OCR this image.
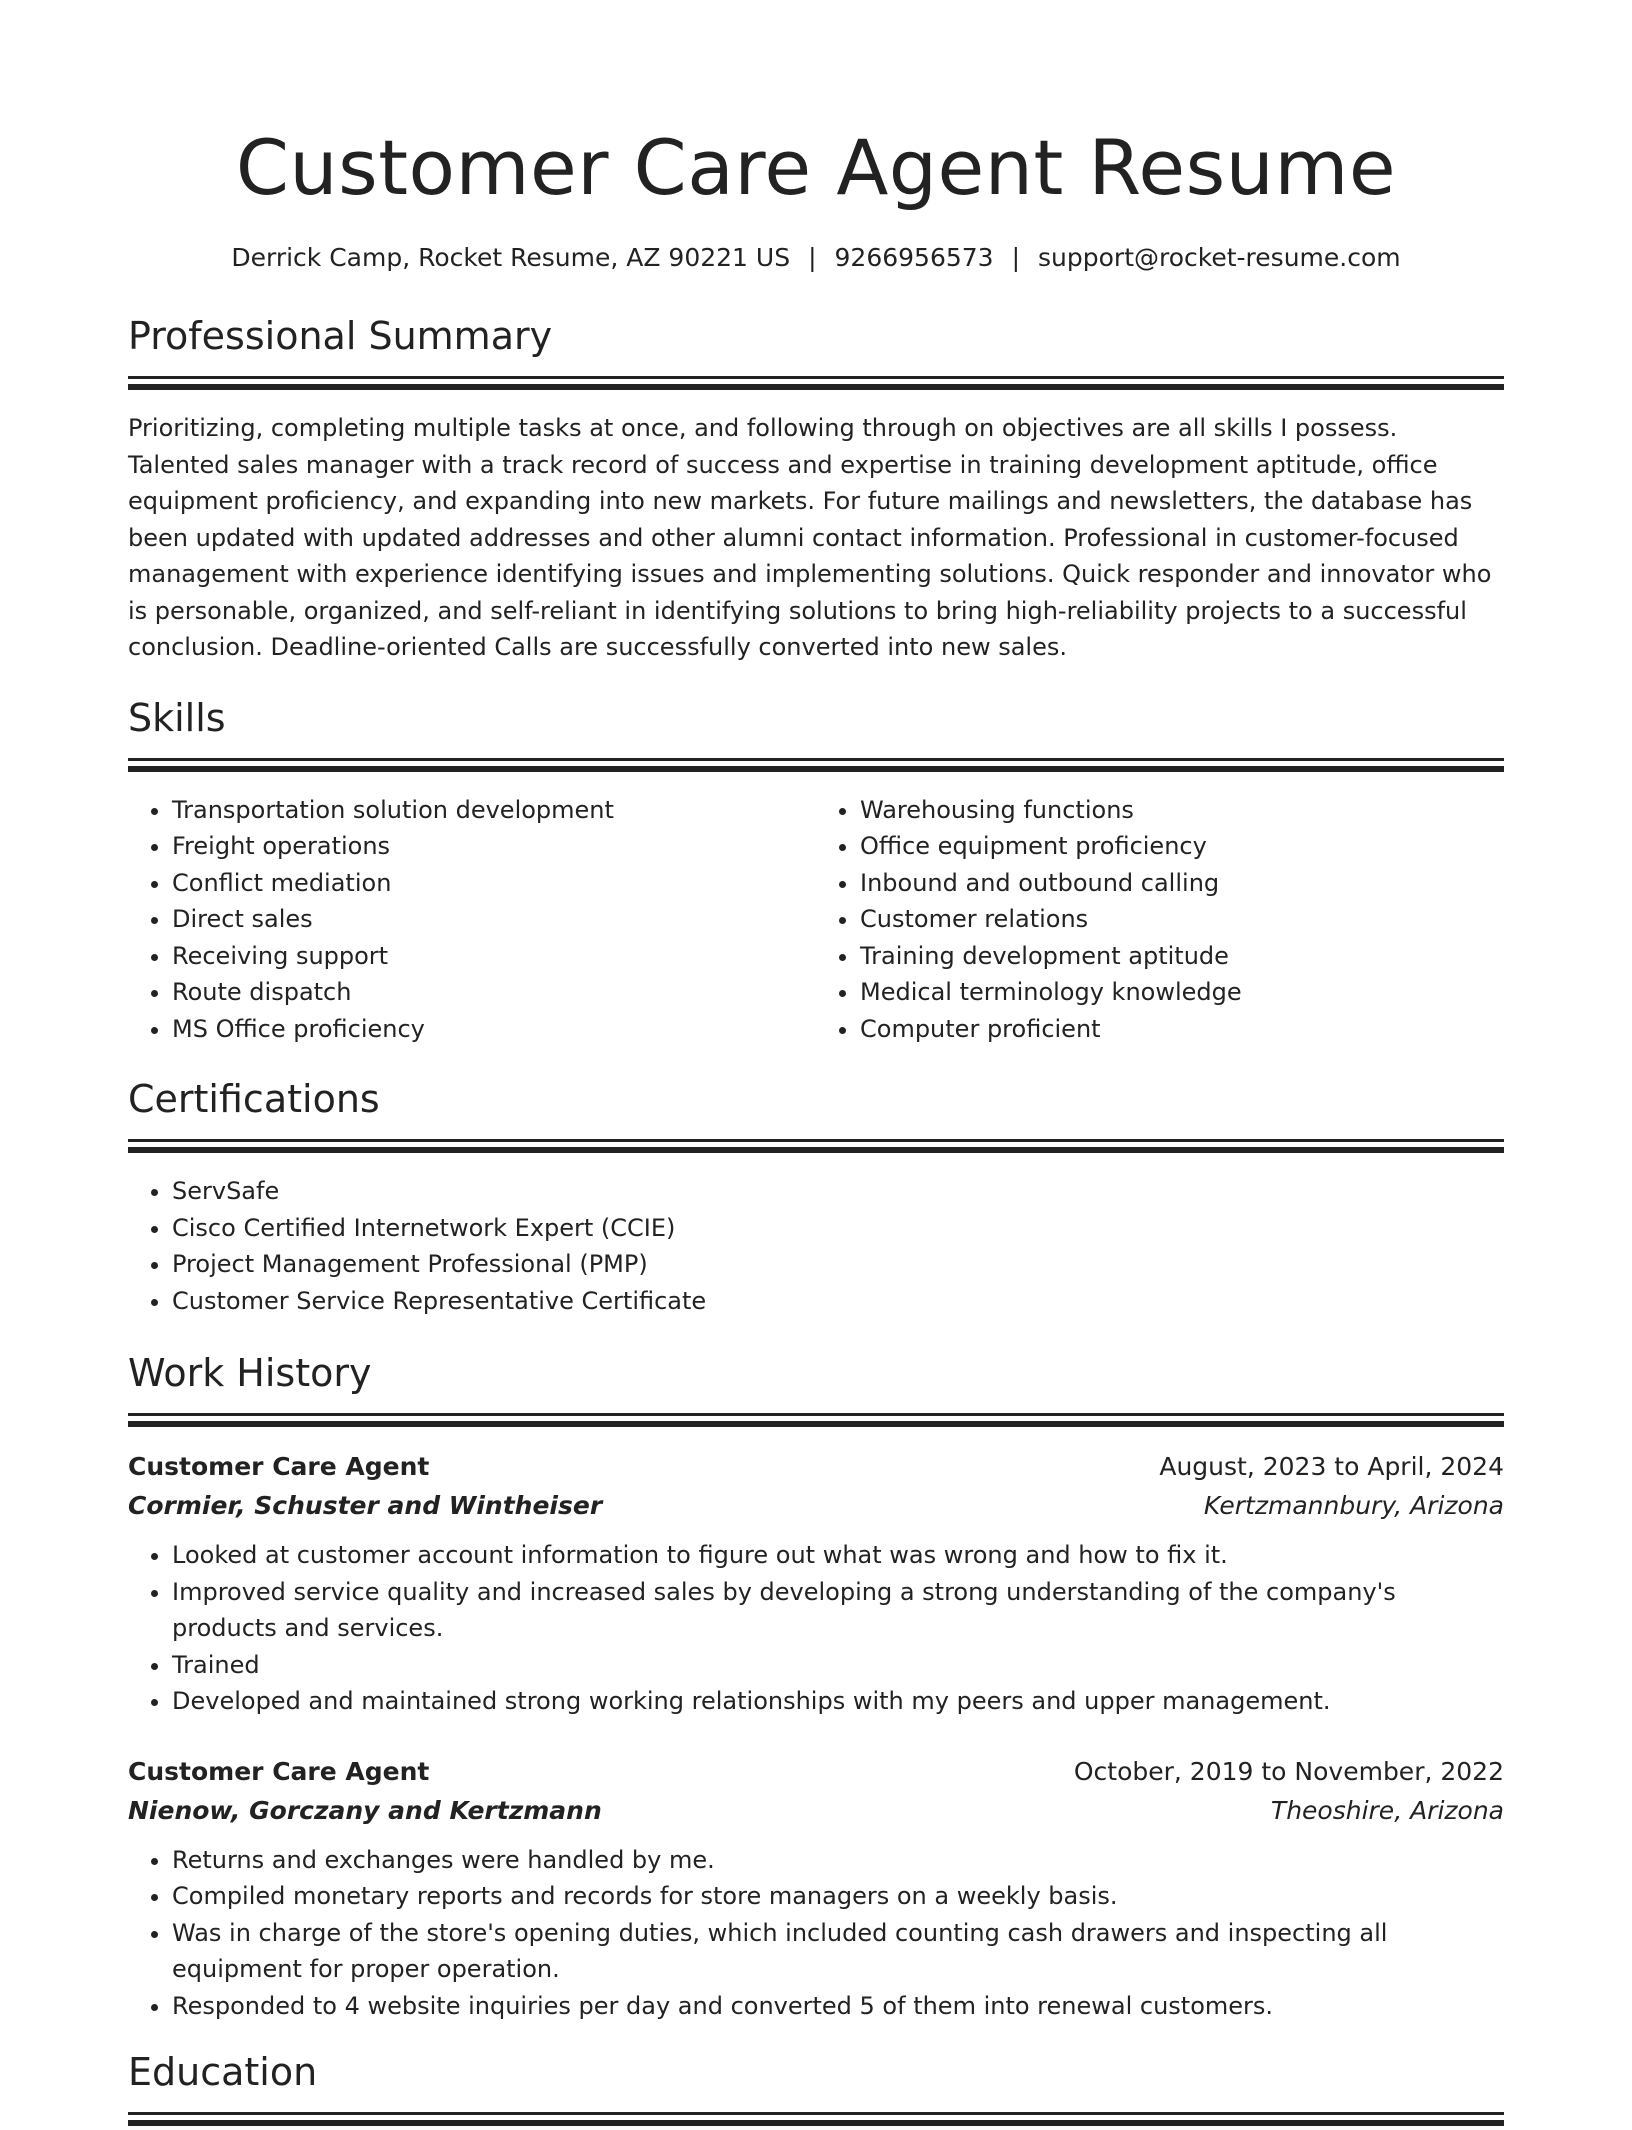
Customer Care Agent Resume
Derrick Camp, Rocket Resume, AZ 90221 US | 9266956573 | support@rocket-resume.com
Professional Summary

Prioritizing, completing multiple tasks at once, and following through on objectives are all skills I possess. Talented sales manager with a track record of success and expertise in training development aptitude, office equipment proficiency, and expanding into new markets. For future mailings and newsletters, the database has been updated with updated addresses and other alumni contact information. Professional in customer-focused management with experience identifying issues and implementing solutions. Quick responder and innovator who is personable, organized, and self-reliant in identifying solutions to bring high-reliability projects to a successful conclusion. Deadline-oriented Calls are successfully converted into new sales.

Skills
• Transportation solution development
• Freight operations
• Conflict mediation
• Direct sales
• Receiving support
• Route dispatch
• MS Office proficiency
• Warehousing functions
• Office equipment proficiency
• Inbound and outbound calling
• Customer relations
• Training development aptitude
• Medical terminology knowledge
• Computer proficient
Certifications
• ServSafe
• Cisco Certified Internetwork Expert (CCIE)
• Project Management Professional (PMP)
• Customer Service Representative Certificate
Work History
Customer Care Agent	August, 2023 to April, 2024
Cormier, Schuster and Wintheiser	Kertzmannbury, Arizona
• Looked at customer account information to figure out what was wrong and how to fix it.
• Improved service quality and increased sales by developing a strong understanding of the company's products and services.
• Trained
• Developed and maintained strong working relationships with my peers and upper management.
Customer Care Agent	October, 2019 to November, 2022
Nienow, Gorczany and Kertzmann	Theoshire, Arizona
• Returns and exchanges were handled by me.
• Compiled monetary reports and records for store managers on a weekly basis.
• Was in charge of the store's opening duties, which included counting cash drawers and inspecting all equipment for proper operation.
• Responded to 4 website inquiries per day and converted 5 of them into renewal customers.
Education
